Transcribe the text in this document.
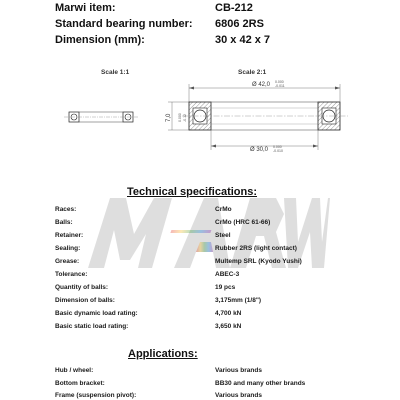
Marwi item:	CB-212
Standard bearing number: 6806 2RS
Dimension (mm):	30 x 42 x 7
Scale 1:1	Scale 2:1
7,0 0.000 -0.12
Ø 42,0 0.000
-0.011
Ø 30,0 0.000
-0.010
Technical specifications:
Races:	CrMo
Balls:	CrMo (HRC 61-66)
Retainer:	Steel
Sealing:	Rubber 2RS (light contact)
Grease:	Multemp SRL (Kyodo Yushi)
Tolerance:	ABEC-3
Quantity of balls:	19 pcs
Dimension of balls:	3,175mm (1/8")
Basic dynamic load rating:	4,700 kN
Basic static load rating:	3,650 kN
Applications:
Hub / wheel:	Various brands
Bottom bracket:	BB30 and many other brands
Frame (suspension pivot):	Various brands
